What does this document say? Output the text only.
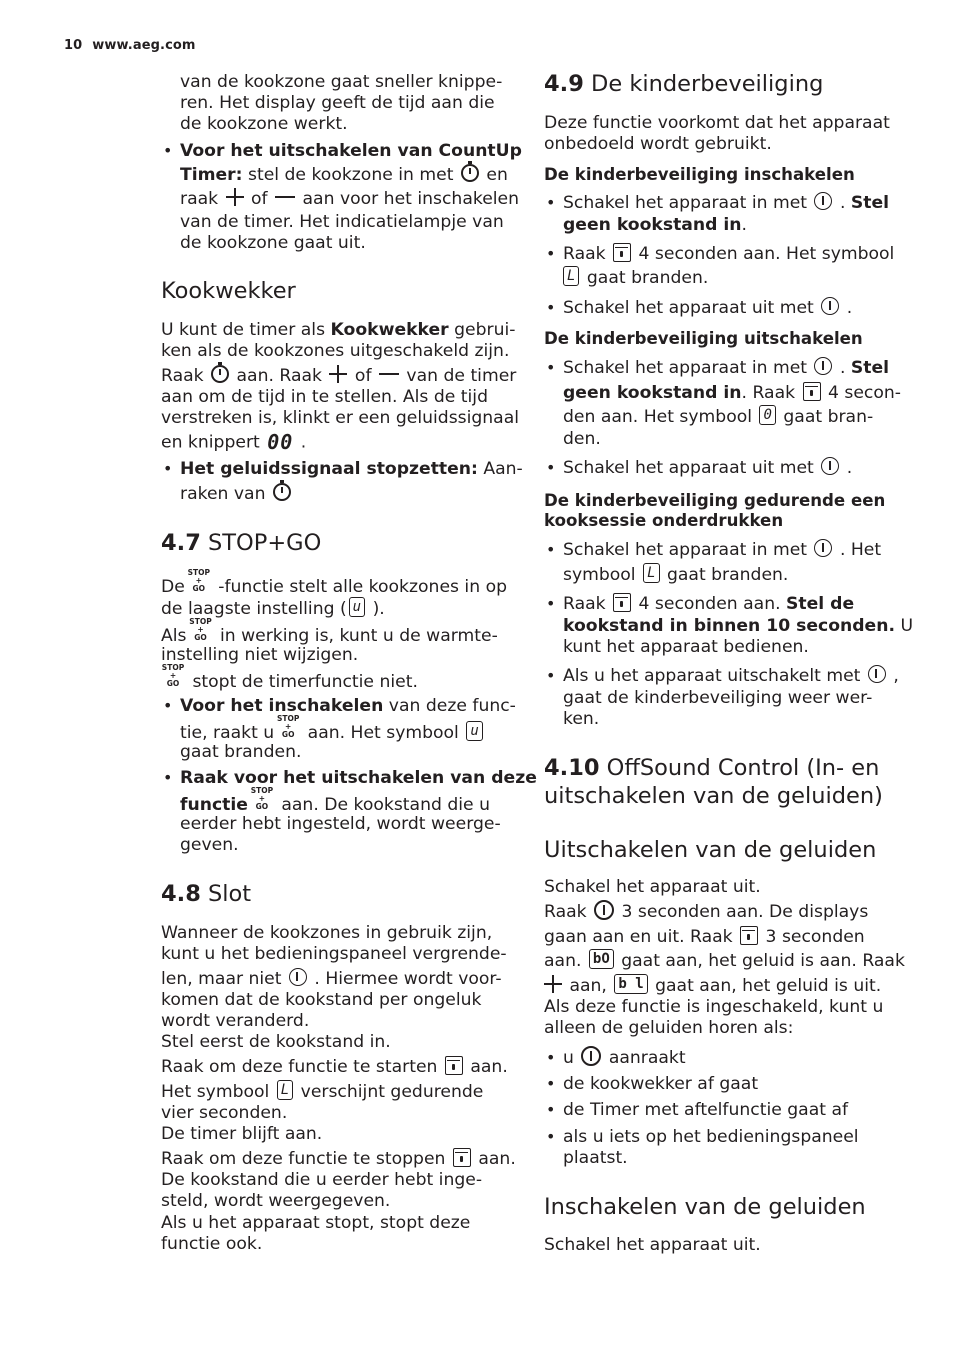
10 www.aeg.com
van de kookzone gaat sneller knippe-
ren. Het display geeft de tijd aan die
de kookzone werkt.
• Voor het uitschakelen van CountUp
Timer: stel de kookzone in met  en
raak  of  aan voor het inschakelen
van de timer. Het indicatielampje van
de kookzone gaat uit.
Kookwekker
U kunt de timer als Kookwekker gebrui-
ken als de kookzones uitgeschakeld zijn.
Raak  aan. Raak  of  van de timer
aan om de tijd in te stellen. Als de tijd
verstreken is, klinkt er een geluidssignaal
en knippert 00 .
• Het geluidssignaal stopzetten: Aan-
raken van
4.7 STOP+GO
De
STOP
+
GO -functie stelt alle kookzones in op
de laagste instelling ( u ).
Als
STOP
+
GO in werking is, kunt u de warmte-
instelling niet wijzigen.
STOP
+
GO stopt de timerfunctie niet.
• Voor het inschakelen van deze func-
tie, raakt u
STOP
+
GO aan. Het symbool u
gaat branden.
• Raak voor het uitschakelen van deze
functie
STOP
+
GO aan. De kookstand die u
eerder hebt ingesteld, wordt weerge-
geven.
4.8 Slot
Wanneer de kookzones in gebruik zijn,
kunt u het bedieningspaneel vergrende-
len, maar niet  . Hiermee wordt voor-
komen dat de kookstand per ongeluk
wordt veranderd.
Stel eerst de kookstand in.
Raak om deze functie te starten  aan.
Het symbool L verschijnt gedurende
vier seconden.
De timer blijft aan.
Raak om deze functie te stoppen  aan.
De kookstand die u eerder hebt inge-
steld, wordt weergegeven.
Als u het apparaat stopt, stopt deze
functie ook.
4.9 De kinderbeveiliging
Deze functie voorkomt dat het apparaat
onbedoeld wordt gebruikt.
De kinderbeveiliging inschakelen
• Schakel het apparaat in met  . Stel
geen kookstand in.
• Raak  4 seconden aan. Het symbool
L gaat branden.
• Schakel het apparaat uit met  .
De kinderbeveiliging uitschakelen
• Schakel het apparaat in met  . Stel
geen kookstand in. Raak  4 secon-
den aan. Het symbool 0 gaat bran-
den.
• Schakel het apparaat uit met  .
De kinderbeveiliging gedurende een
kooksessie onderdrukken
• Schakel het apparaat in met  . Het
symbool L gaat branden.
• Raak  4 seconden aan. Stel de
kookstand in binnen 10 seconden. U
kunt het apparaat bedienen.
• Als u het apparaat uitschakelt met  ,
gaat de kinderbeveiliging weer wer-
ken.
4.10 OffSound Control (In- en
uitschakelen van de geluiden)
Uitschakelen van de geluiden
Schakel het apparaat uit.
Raak  3 seconden aan. De displays
gaan aan en uit. Raak  3 seconden
aan. bO gaat aan, het geluid is aan. Raak
aan, b l gaat aan, het geluid is uit.
Als deze functie is ingeschakeld, kunt u
alleen de geluiden horen als:
• u  aanraakt
• de kookwekker af gaat
• de Timer met aftelfunctie gaat af
• als u iets op het bedieningspaneel
plaatst.
Inschakelen van de geluiden
Schakel het apparaat uit.
